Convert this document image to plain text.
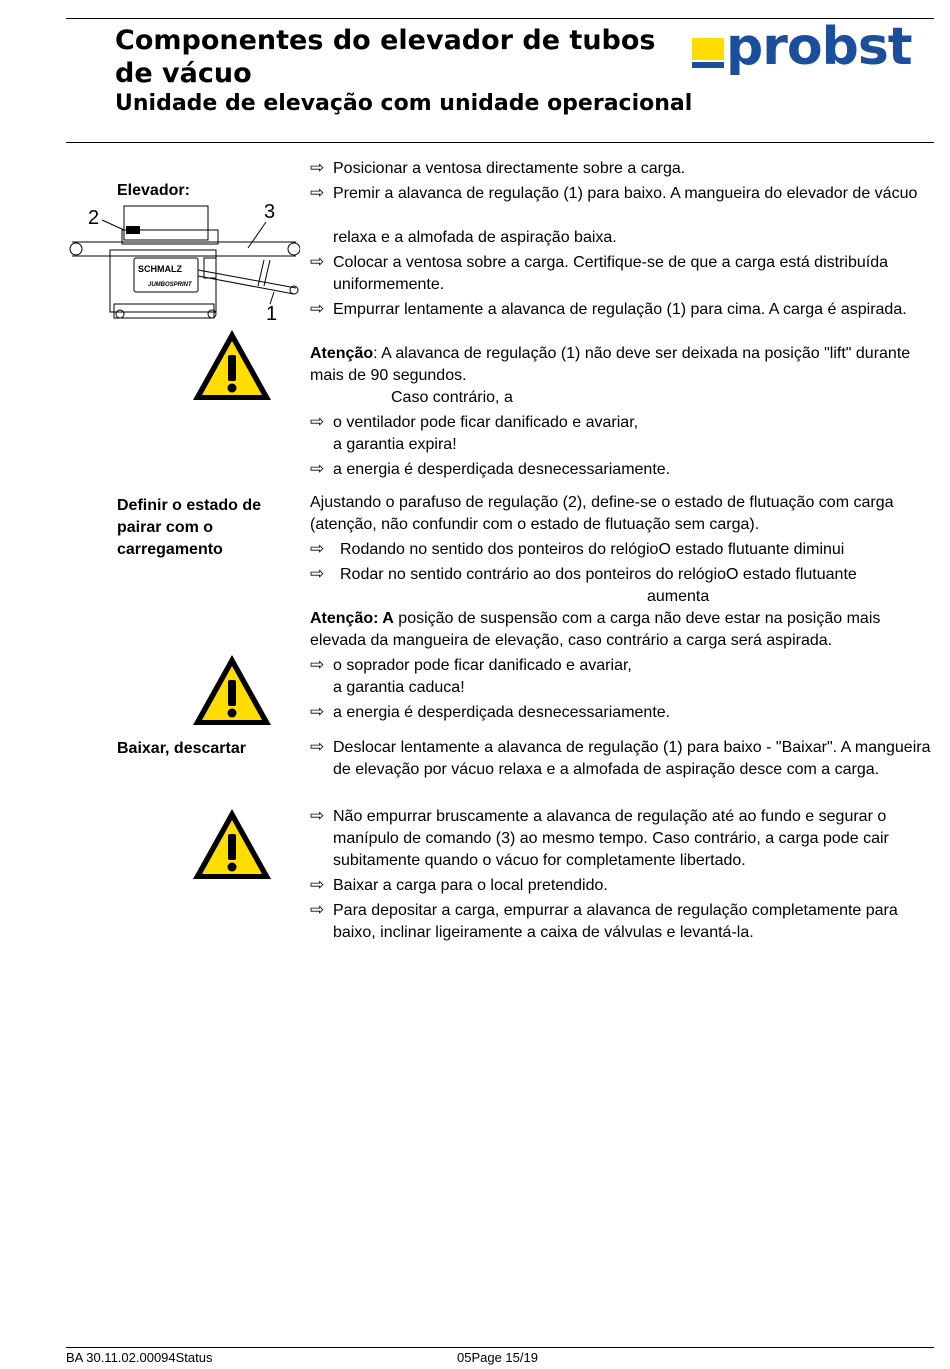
Componentes do elevador de tubos de vácuo
Unidade de elevação com unidade operacional
probst
Elevador:
2	3
1
SCHMALZ
JUMBOSPRINT
⇨ Posicionar a ventosa directamente sobre a carga.
⇨ Premir a alavanca de regulação (1) para baixo. A mangueira do elevador de vácuo
relaxa e a almofada de aspiração baixa.
⇨ Colocar a ventosa sobre a carga. Certifique-se de que a carga está distribuída uniformemente.
⇨ Empurrar lentamente a alavanca de regulação (1) para cima. A carga é aspirada.
Atenção: A alavanca de regulação (1) não deve ser deixada na posição "lift" durante mais de 90 segundos.
Caso contrário, a
⇨ o ventilador pode ficar danificado e avariar,
a garantia expira!
⇨ a energia é desperdiçada desnecessariamente.
Definir o estado de
pairar com o
carregamento
Ajustando o parafuso de regulação (2), define-se o estado de flutuação com carga (atenção, não confundir com o estado de flutuação sem carga).
⇨ Rodando no sentido dos ponteiros do relógioO estado flutuante diminui
⇨ Rodar no sentido contrário ao dos ponteiros do relógioO estado flutuante
aumenta
Atenção: A posição de suspensão com a carga não deve estar na posição mais elevada da mangueira de elevação, caso contrário a carga será aspirada.
⇨ o soprador pode ficar danificado e avariar,
a garantia caduca!
⇨ a energia é desperdiçada desnecessariamente.
Baixar, descartar	⇨ Deslocar lentamente a alavanca de regulação (1) para baixo - "Baixar". A mangueira de elevação por vácuo relaxa e a almofada de aspiração desce com a carga.
⇨ Não empurrar bruscamente a alavanca de regulação até ao fundo e segurar o manípulo de comando (3) ao mesmo tempo. Caso contrário, a carga pode cair subitamente quando o vácuo for completamente libertado.
⇨ Baixar a carga para o local pretendido.
⇨ Para depositar a carga, empurrar a alavanca de regulação completamente para baixo, inclinar ligeiramente a caixa de válvulas e levantá-la.
BA 30.11.02.00094Status	05Page 15/19
